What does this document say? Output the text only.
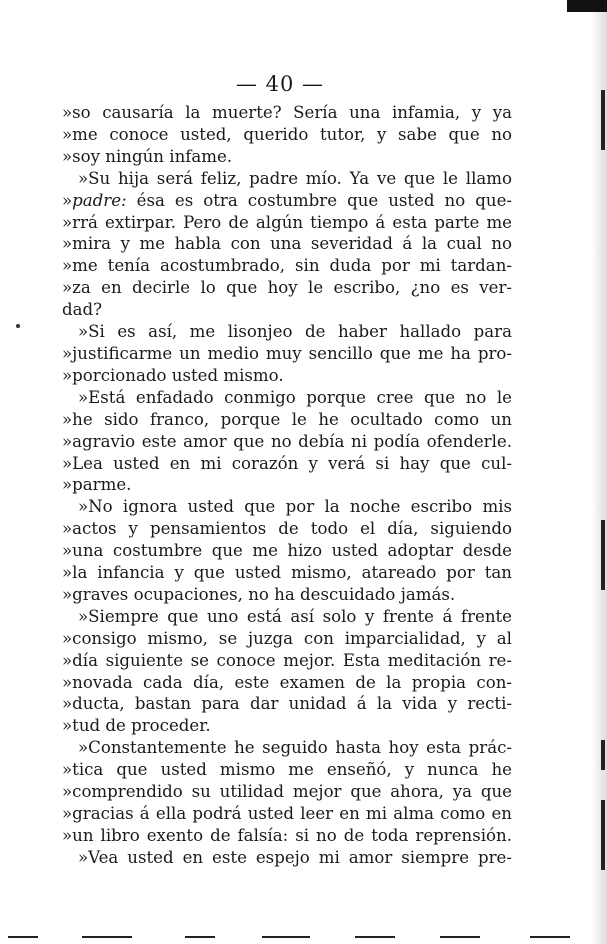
— 40 —
»so causaría la muerte? Sería una infamia, y ya
»me conoce usted, querido tutor, y sabe que no
»soy ningún infame.
»Su hija será feliz, padre mío. Ya ve que le llamo
»padre: ésa es otra costumbre que usted no que-
»rrá extirpar. Pero de algún tiempo á esta parte me
»mira y me habla con una severidad á la cual no
»me tenía acostumbrado, sin duda por mi tardan-
»za en decirle lo que hoy le escribo, ¿no es ver-
dad?
»Si es así, me lisonjeo de haber hallado para
»justificarme un medio muy sencillo que me ha pro-
»porcionado usted mismo.
»Está enfadado conmigo porque cree que no le
»he sido franco, porque le he ocultado como un
»agravio este amor que no debía ni podía ofenderle.
»Lea usted en mi corazón y verá si hay que cul-
»parme.
»No ignora usted que por la noche escribo mis
»actos y pensamientos de todo el día, siguiendo
»una costumbre que me hizo usted adoptar desde
»la infancia y que usted mismo, atareado por tan
»graves ocupaciones, no ha descuidado jamás.
»Siempre que uno está así solo y frente á frente
»consigo mismo, se juzga con imparcialidad, y al
»día siguiente se conoce mejor. Esta meditación re-
»novada cada día, este examen de la propia con-
»ducta, bastan para dar unidad á la vida y recti-
»tud de proceder.
»Constantemente he seguido hasta hoy esta prác-
»tica que usted mismo me enseñó, y nunca he
»comprendido su utilidad mejor que ahora, ya que
»gracias á ella podrá usted leer en mi alma como en
»un libro exento de falsía: si no de toda reprensión.
»Vea usted en este espejo mi amor siempre pre-
